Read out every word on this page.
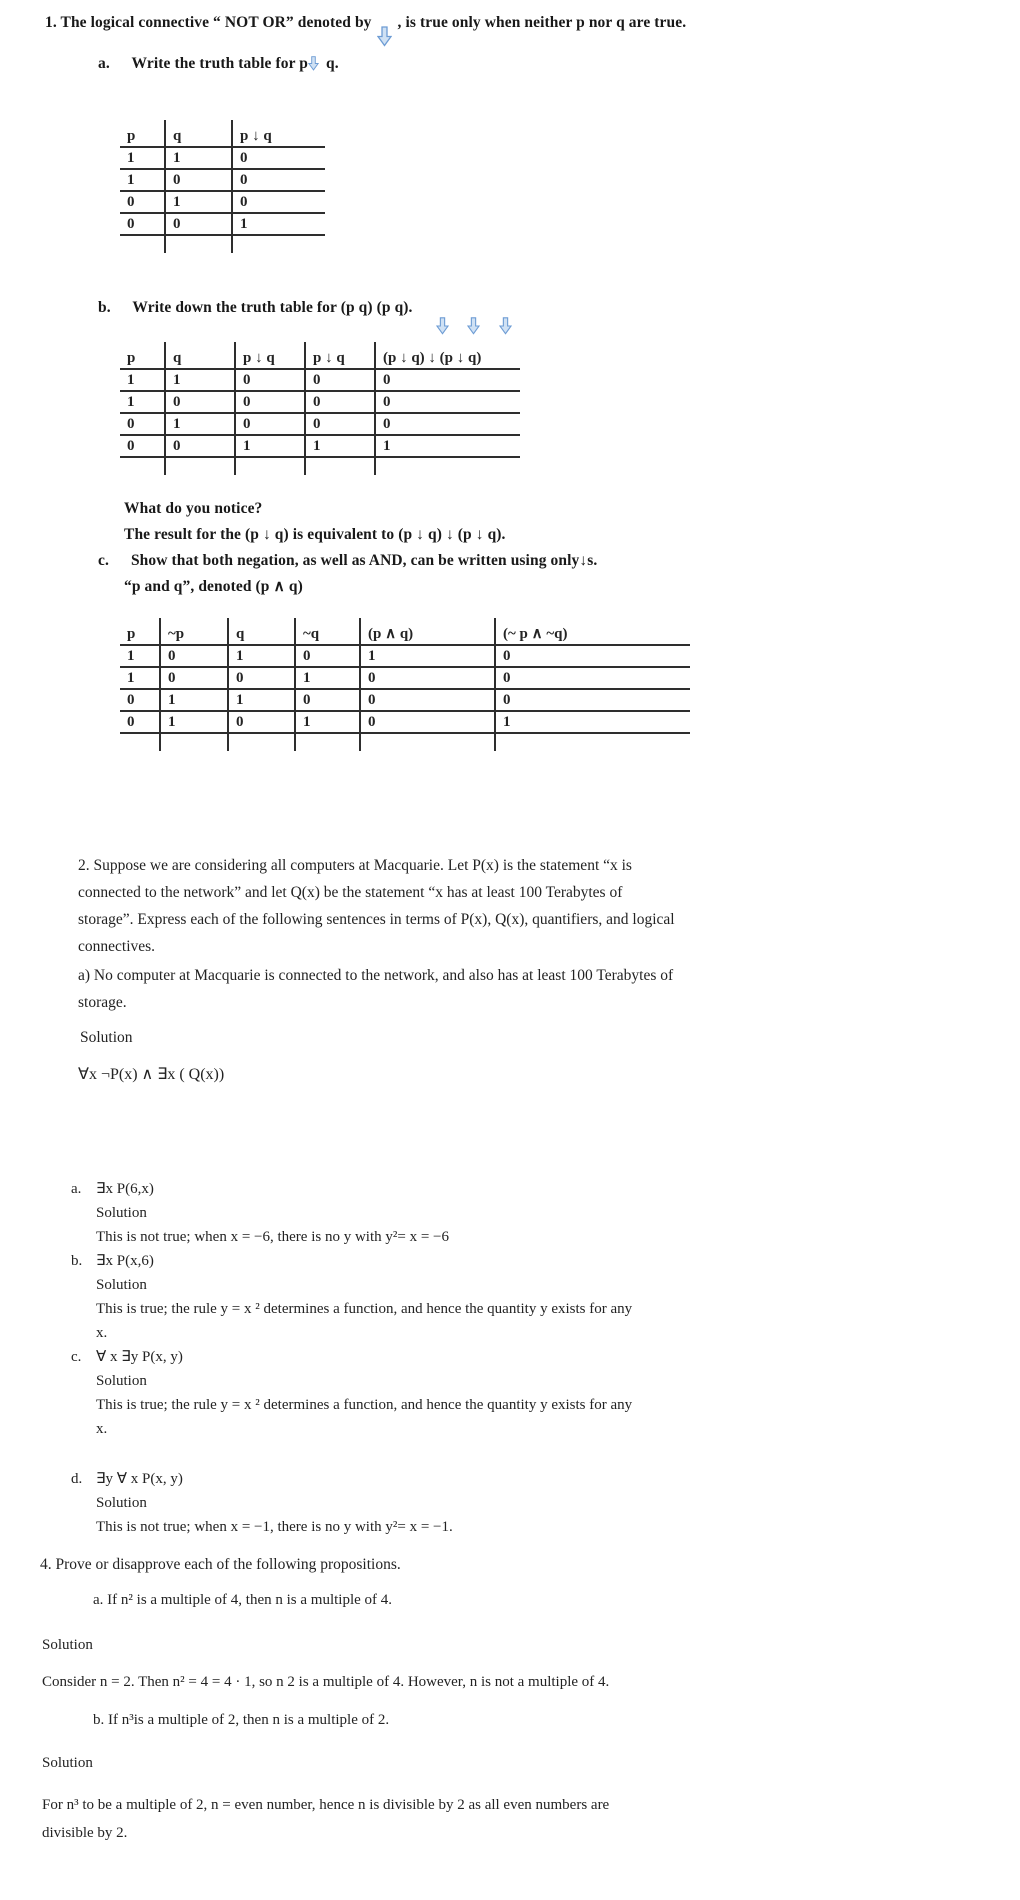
1. The logical connective “ NOT OR” denoted by , is true only when neither p nor q are true.
a. Write the truth table for p q.
p	q	p ↓ q
1	1	0
1	0	0
0	1	0
0	0	1

b. Write down the truth table for (p q) (p q).
p	q	p ↓ q	p ↓ q	(p ↓ q) ↓ (p ↓ q)
1	1	0	0	0
1	0	0	0	0
0	1	0	0	0
0	0	1	1	1

What do you notice?
The result for the (p ↓ q) is equivalent to (p ↓ q) ↓ (p ↓ q).
c. Show that both negation, as well as AND, can be written using only↓s.
“p and q”, denoted (p ∧ q)
p	~p	q	~q	(p ∧ q)	(~ p ∧ ~q)
1	0	1	0	1	0
1	0	0	1	0	0
0	1	1	0	0	0
0	1	0	1	0	1

2. Suppose we are considering all computers at Macquarie. Let P(x) is the statement “x is
connected to the network” and let Q(x) be the statement “x has at least 100 Terabytes of
storage”. Express each of the following sentences in terms of P(x), Q(x), quantifiers, and logical
connectives.
a) No computer at Macquarie is connected to the network, and also has at least 100 Terabytes of
storage.
Solution
∀x ¬P(x) ∧ ∃x ( Q(x))
a. ∃x P(6,x)
Solution
This is not true; when x = −6, there is no y with y²= x = −6
b. ∃x P(x,6)
Solution
This is true; the rule y = x ² determines a function, and hence the quantity y exists for any
x.
c. ∀ x ∃y P(x, y)
Solution
This is true; the rule y = x ² determines a function, and hence the quantity y exists for any
x.
d. ∃y ∀ x P(x, y)
Solution
This is not true; when x = −1, there is no y with y²= x = −1.
4. Prove or disapprove each of the following propositions.
a. If n² is a multiple of 4, then n is a multiple of 4.
Solution
Consider n = 2. Then n² = 4 = 4 · 1, so n 2 is a multiple of 4. However, n is not a multiple of 4.
b. If n³is a multiple of 2, then n is a multiple of 2.
Solution
For n³ to be a multiple of 2, n = even number, hence n is divisible by 2 as all even numbers are
divisible by 2.
